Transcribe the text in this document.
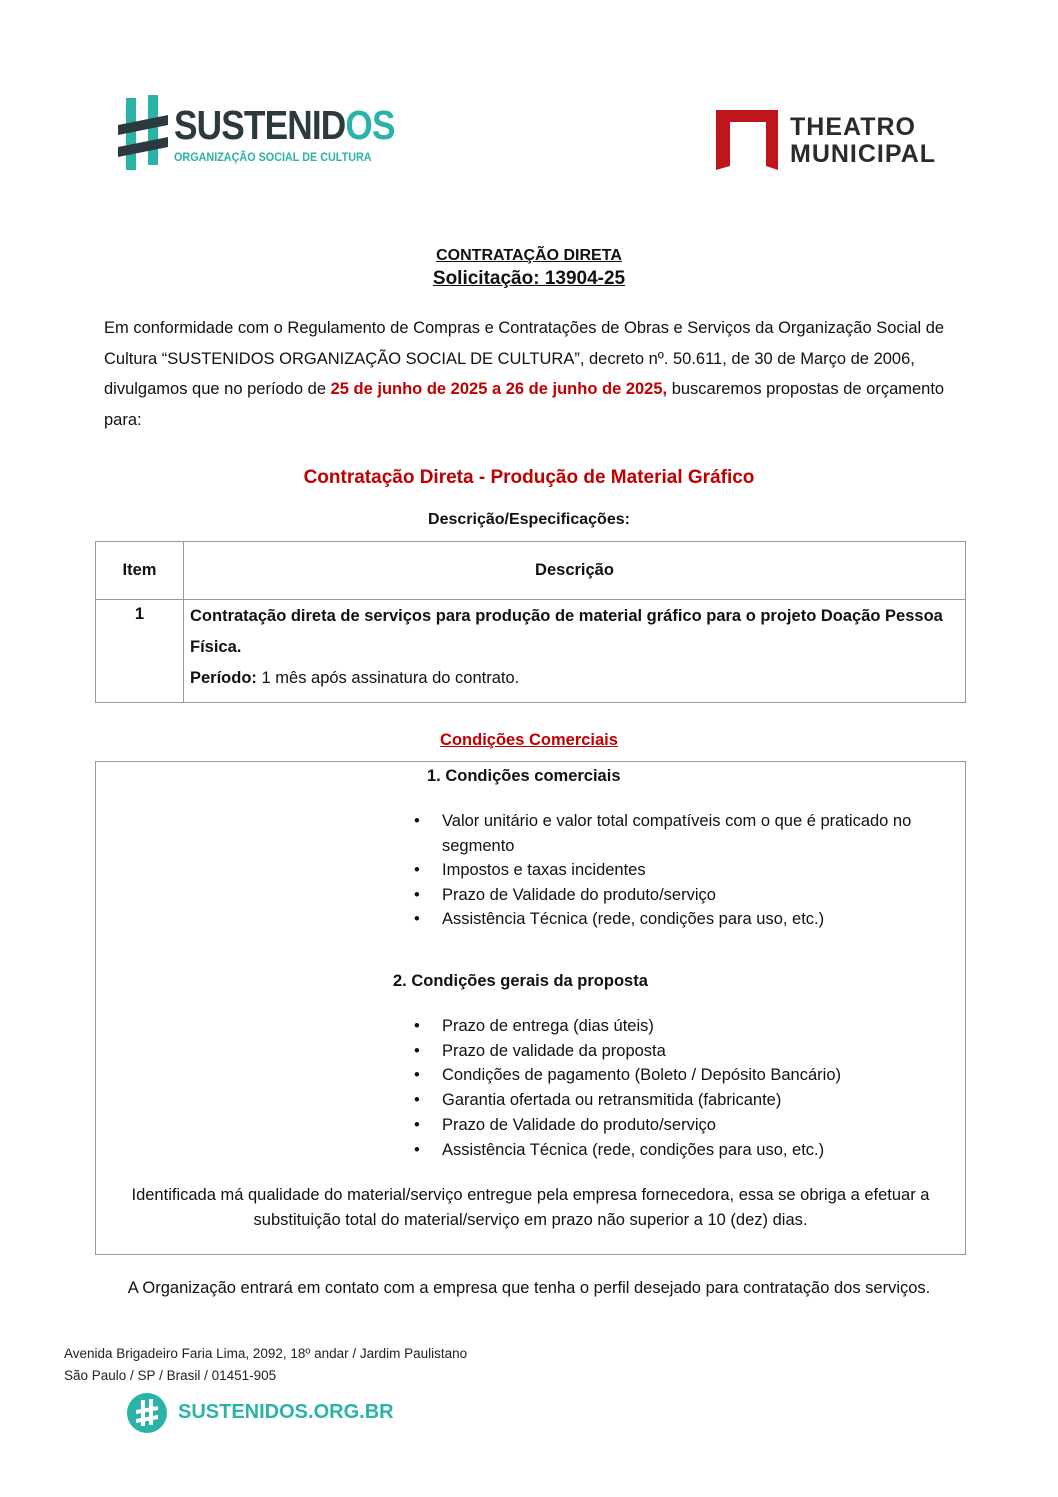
SUSTENIDOS
ORGANIZAÇÃO SOCIAL DE CULTURA
THEATRO
MUNICIPAL
CONTRATAÇÃO DIRETA
Solicitação: 13904-25
Em conformidade com o Regulamento de Compras e Contratações de Obras e Serviços da Organização Social de Cultura “SUSTENIDOS ORGANIZAÇÃO SOCIAL DE CULTURA”, decreto nº. 50.611, de 30 de Março de 2006, divulgamos que no período de 25 de junho de 2025 a 26 de junho de 2025, buscaremos propostas de orçamento para:
Contratação Direta - Produção de Material Gráfico
Descrição/Especificações:
Item	Descrição
1	Contratação direta de serviços para produção de material gráfico para o projeto Doação Pessoa Física.
Período: 1 mês após assinatura do contrato.
Condições Comerciais
1. Condições comerciais
• Valor unitário e valor total compatíveis com o que é praticado no segmento
• Impostos e taxas incidentes
• Prazo de Validade do produto/serviço
• Assistência Técnica (rede, condições para uso, etc.)
2. Condições gerais da proposta
• Prazo de entrega (dias úteis)
• Prazo de validade da proposta
• Condições de pagamento (Boleto / Depósito Bancário)
• Garantia ofertada ou retransmitida (fabricante)
• Prazo de Validade do produto/serviço
• Assistência Técnica (rede, condições para uso, etc.)
Identificada má qualidade do material/serviço entregue pela empresa fornecedora, essa se obriga a efetuar a substituição total do material/serviço em prazo não superior a 10 (dez) dias.
A Organização entrará em contato com a empresa que tenha o perfil desejado para contratação dos serviços.
Avenida Brigadeiro Faria Lima, 2092, 18º andar / Jardim Paulistano
São Paulo / SP / Brasil / 01451-905
SUSTENIDOS.ORG.BR
